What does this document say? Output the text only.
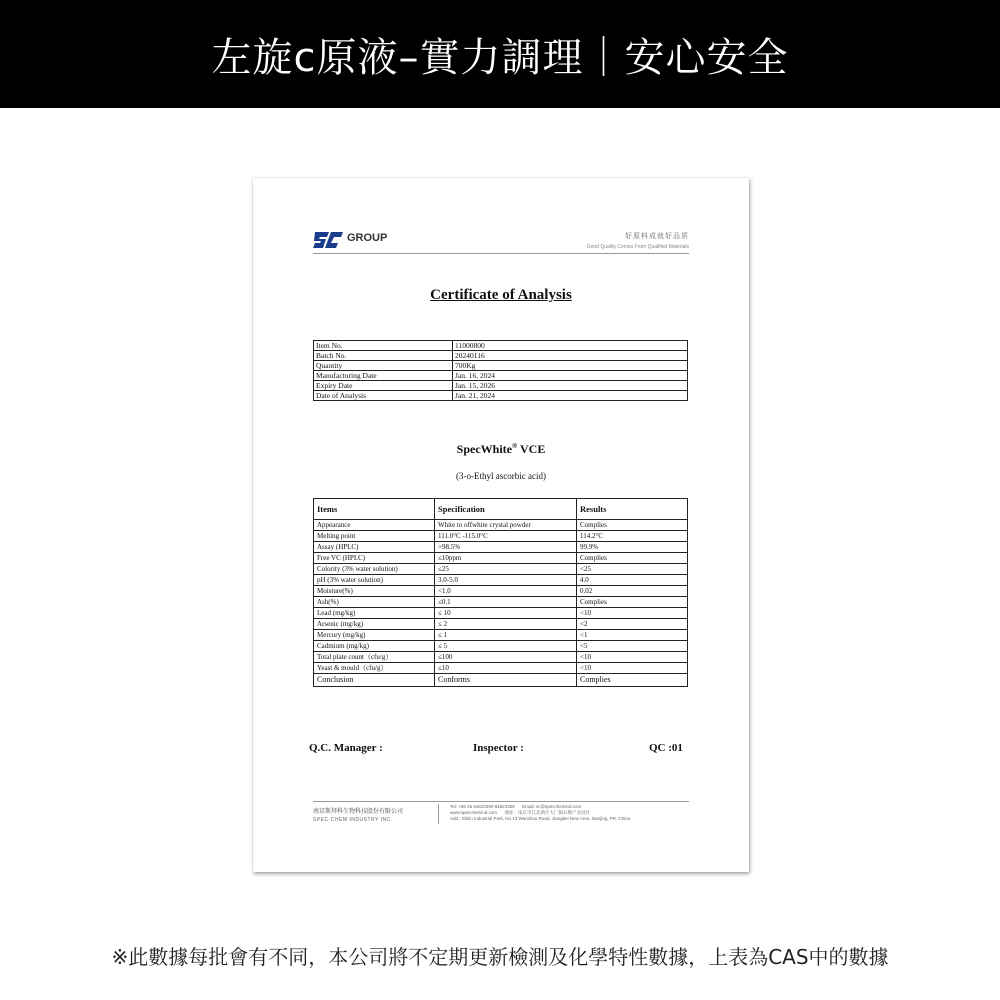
左旋c原液–實力調理｜安心安全
GROUP	好原料成就好品质
Good Quality Comes From Qualified Materials
Certificate of Analysis
Item No.	11000800
Batch No.	20240116
Quantity	700Kg
Manufacturing Date	Jan. 16, 2024
Expiry Date	Jan. 15, 2026
Date of Analysis	Jan. 21, 2024
SpecWhite® VCE
(3-o-Ethyl ascorbic acid)
Items	Specification	Results
Appearance	White to offwhite crystal powder	Complies
Melting point	111.0°C -115.0°C	114.2°C
Assay (HPLC)	>98.5%	99.9%
Free VC (HPLC)	≤10ppm	Complies
Colority (3% water solution)	≤25	<25
pH (3% water solution)	3.0-5.0	4.0
Moisture(%)	<1.0	0.02
Ash(%)	≤0.1	Complies
Lead (mg/kg)	≤ 10	<10
Arsenic (mg/kg)	≤ 2	<2
Mercury (mg/kg)	≤ 1	<1
Cadmium (mg/kg)	≤ 5	<5
Total plate count（cfu/g）	≤100	<10
Yeast & mould（cfu/g）	≤10	<10
Conclusion	Conforms	Complies
Q.C. Manager :	Inspector :	QC :01
南京斯拜科生物科技股份有限公司
SPEC-CHEM INDUSTRY INC.
Tel: +86 25 84523390 84523359 Email: sc@specchemind.com
www.specchemind.com 地址：南京市江北新区大厂镇石佛产业园区
Add.: Shilin Industrial Park, No.13 Wanshou Road, Jiangbei New Area, Nanjing, PR. China
※此數據每批會有不同，本公司將不定期更新檢測及化學特性數據，上表為CAS中的數據
